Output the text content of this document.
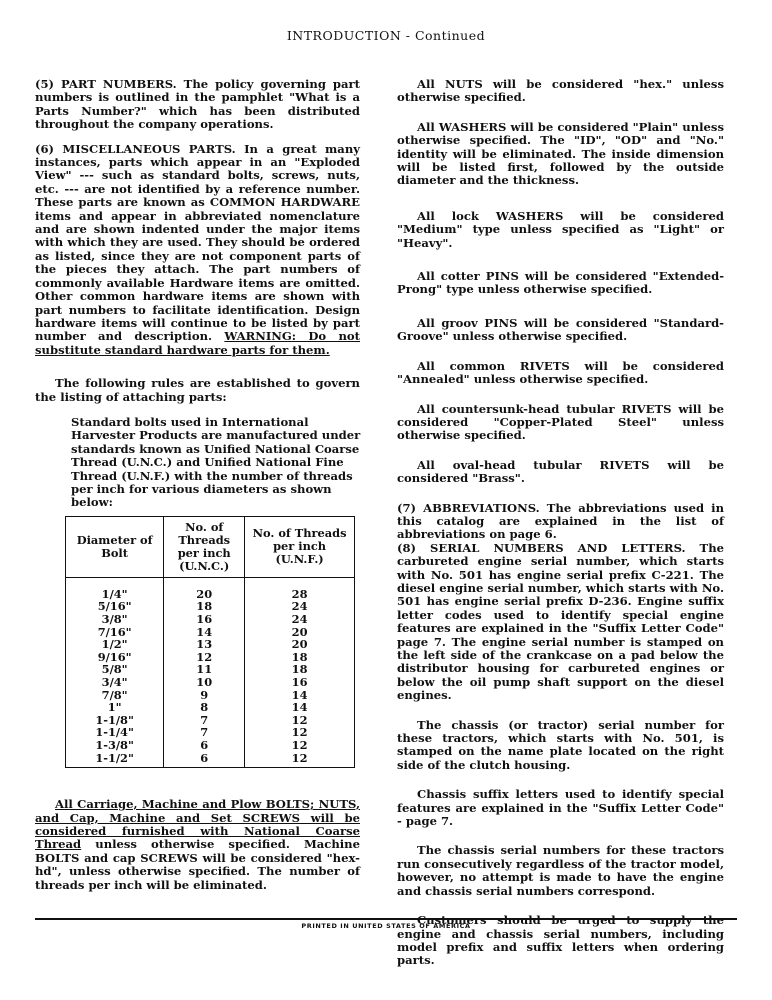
INTRODUCTION - Continued

(5) PART NUMBERS. The policy governing part numbers is outlined in the pamphlet "What is a Parts Number?" which has been distributed throughout the company operations.

(6) MISCELLANEOUS PARTS. In a great many instances, parts which appear in an "Exploded View" --- such as standard bolts, screws, nuts, etc. --- are not identified by a reference number. These parts are known as COMMON HARDWARE items and appear in abbreviated nomenclature and are shown indented under the major items with which they are used. They should be ordered as listed, since they are not component parts of the pieces they attach. The part numbers of commonly available Hardware items are omitted. Other common hardware items are shown with part numbers to facilitate identification. Design hardware items will continue to be listed by part number and description. WARNING: Do not substitute standard hardware parts for them.

The following rules are established to govern the listing of attaching parts:

Standard bolts used in International Harvester Products are manufactured under standards known as Unified National Coarse Thread (U.N.C.) and Unified National Fine Thread (U.N.F.) with the number of threads per inch for various diameters as shown below:

Diameter of Bolt	No. of Threads per inch (U.N.C.)	No. of Threads per inch (U.N.F.)
1/4"	20	28
5/16"	18	24
3/8"	16	24
7/16"	14	20
1/2"	13	20
9/16"	12	18
5/8"	11	18
3/4"	10	16
7/8"	9	14
1"	8	14
1-1/8"	7	12
1-1/4"	7	12
1-3/8"	6	12
1-1/2"	6	12

All Carriage, Machine and Plow BOLTS; NUTS, and Cap, Machine and Set SCREWS will be considered furnished with National Coarse Thread unless otherwise specified. Machine BOLTS and cap SCREWS will be considered "hex-hd", unless otherwise specified. The number of threads per inch will be eliminated.

All NUTS will be considered "hex." unless otherwise specified.

All WASHERS will be considered "Plain" unless otherwise specified. The "ID", "OD" and "No." identity will be eliminated. The inside dimension will be listed first, followed by the outside diameter and the thickness.

All lock WASHERS will be considered "Medium" type unless specified as "Light" or "Heavy".

All cotter PINS will be considered "Extended-Prong" type unless otherwise specified.

All groov PINS will be considered "Standard-Groove" unless otherwise specified.

All common RIVETS will be considered "Annealed" unless otherwise specified.

All countersunk-head tubular RIVETS will be considered "Copper-Plated Steel" unless otherwise specified.

All oval-head tubular RIVETS will be considered "Brass".

(7) ABBREVIATIONS. The abbreviations used in this catalog are explained in the list of abbreviations on page 6.

(8) SERIAL NUMBERS AND LETTERS. The carbureted engine serial number, which starts with No. 501 has engine serial prefix C-221. The diesel engine serial number, which starts with No. 501 has engine serial prefix D-236. Engine suffix letter codes used to identify special engine features are explained in the "Suffix Letter Code" page 7. The engine serial number is stamped on the left side of the crankcase on a pad below the distributor housing for carbureted engines or below the oil pump shaft support on the diesel engines.

The chassis (or tractor) serial number for these tractors, which starts with No. 501, is stamped on the name plate located on the right side of the clutch housing.

Chassis suffix letters used to identify special features are explained in the "Suffix Letter Code" - page 7.

The chassis serial numbers for these tractors run consecutively regardless of the tractor model, however, no attempt is made to have the engine and chassis serial numbers correspond.

Customers should be urged to supply the engine and chassis serial numbers, including model prefix and suffix letters when ordering parts.

PRINTED IN UNITED STATES OF AMERICA
